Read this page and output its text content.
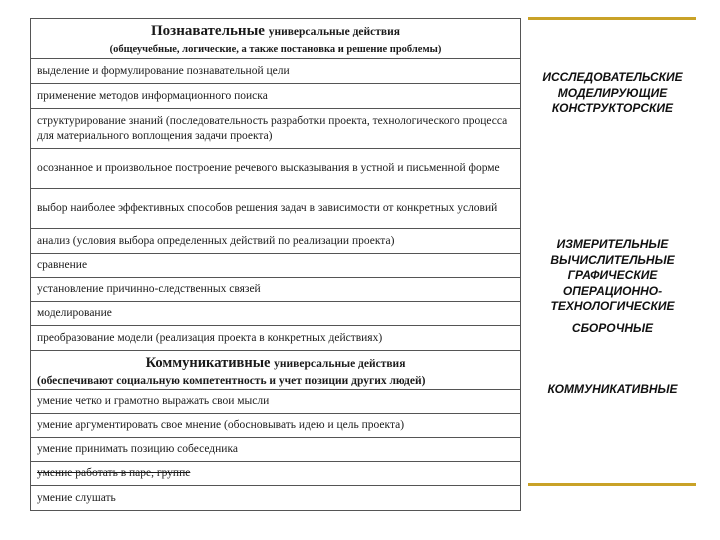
Познавательные универсальные действия
(общеучебные, логические, а также постановка и решение проблемы)
выделение и формулирование познавательной цели
применение методов информационного поиска
структурирование знаний (последовательность разработки проекта, технологического процесса для материального воплощения задачи проекта)
осознанное и произвольное построение речевого высказывания в устной и письменной форме
выбор наиболее эффективных способов решения задач в зависимости от конкретных условий
анализ (условия выбора определенных действий по реализации проекта)
сравнение
установление причинно-следственных связей
моделирование
преобразование модели (реализация проекта в конкретных действиях)
Коммуникативные универсальные действия
(обеспечивают социальную компетентность и учет позиции других людей)
умение четко и грамотно выражать свои мысли
умение аргументировать свое мнение (обосновывать идею и цель проекта)
умение принимать позицию собеседника
умение работать в паре, группе
умение слушать
ИССЛЕДОВАТЕЛЬСКИЕ
МОДЕЛИРУЮЩИЕ
КОНСТРУКТОРСКИЕ
ИЗМЕРИТЕЛЬНЫЕ
ВЫЧИСЛИТЕЛЬНЫЕ
ГРАФИЧЕСКИЕ
ОПЕРАЦИОННО-ТЕХНОЛОГИЧЕСКИЕ
СБОРОЧНЫЕ
КОММУНИКАТИВНЫЕ
